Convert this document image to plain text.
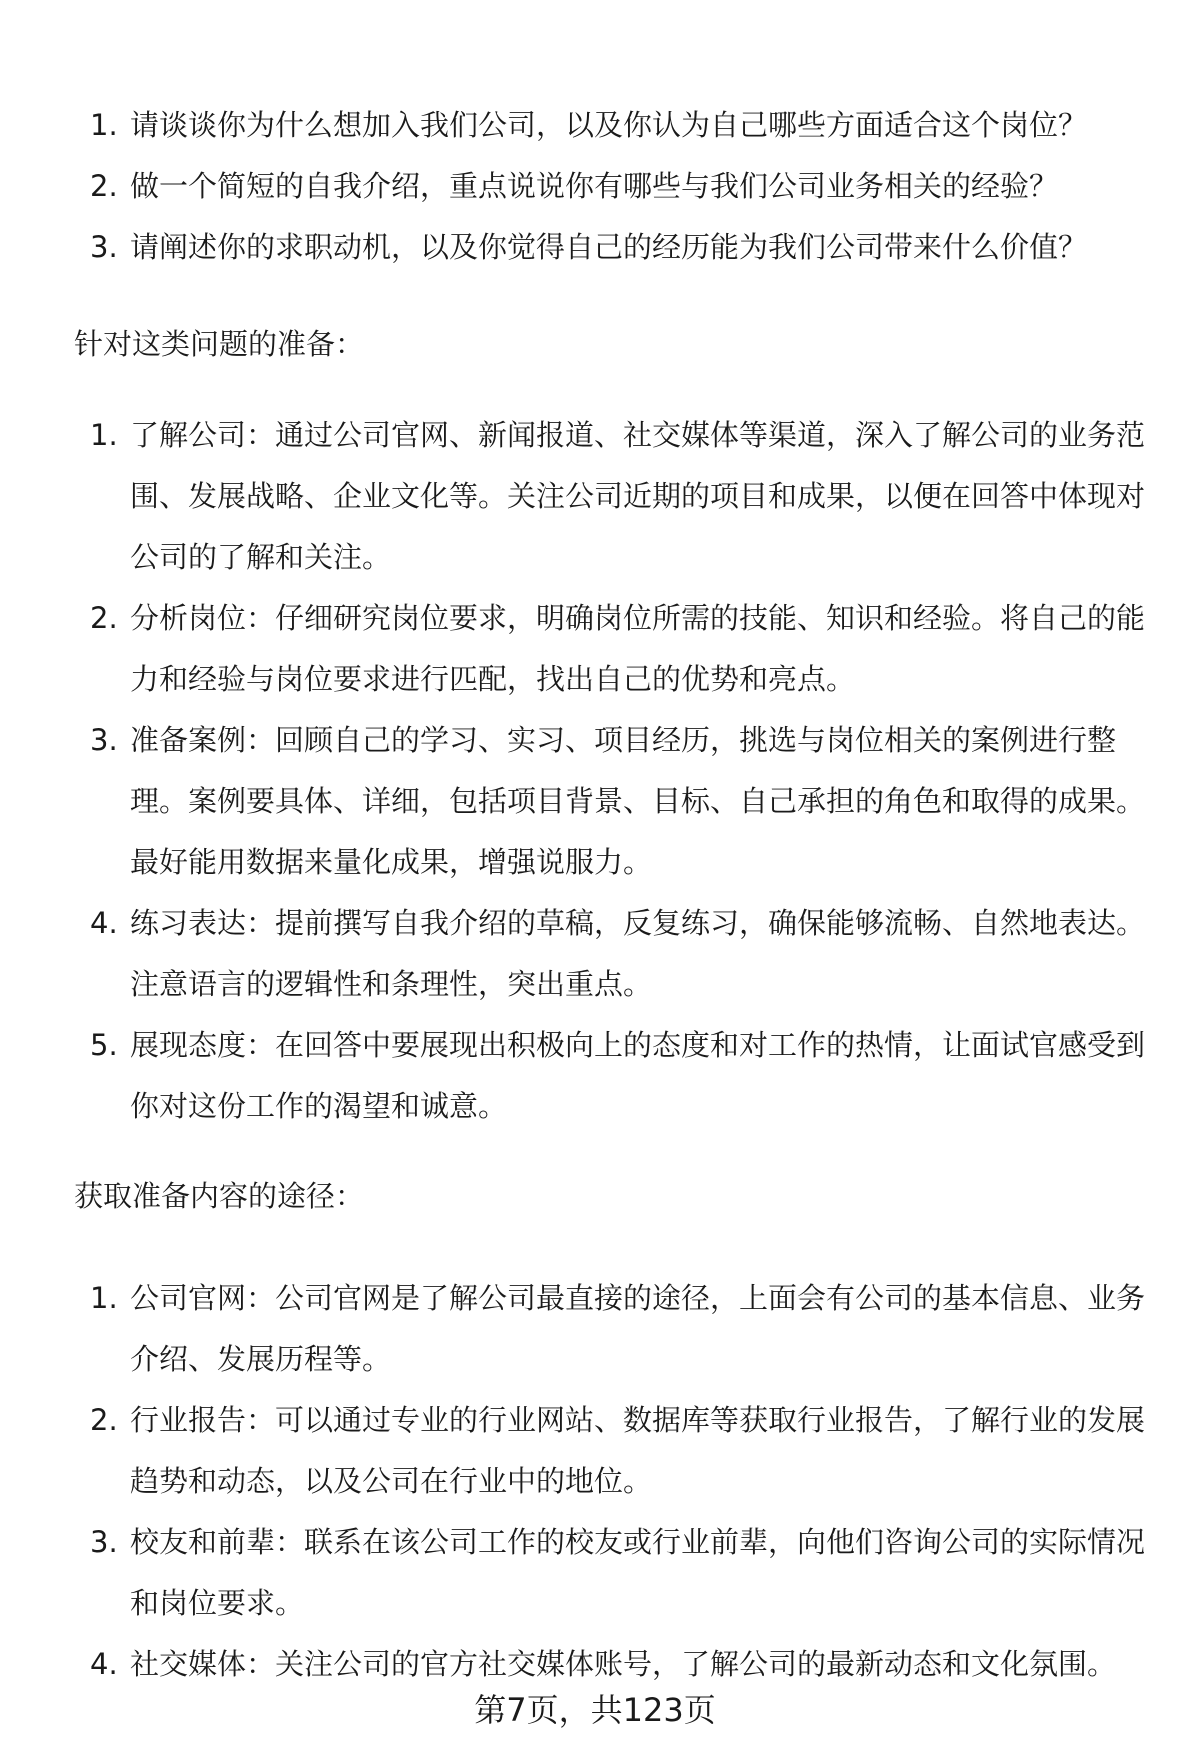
1. 请谈谈你为什么想加入我们公司，以及你认为自己哪些方面适合这个岗位？
2. 做一个简短的自我介绍，重点说说你有哪些与我们公司业务相关的经验？
3. 请阐述你的求职动机，以及你觉得自己的经历能为我们公司带来什么价值？

针对这类问题的准备：

1. 了解公司：通过公司官网、新闻报道、社交媒体等渠道，深入了解公司的业务范围、发展战略、企业文化等。关注公司近期的项目和成果，以便在回答中体现对公司的了解和关注。
2. 分析岗位：仔细研究岗位要求，明确岗位所需的技能、知识和经验。将自己的能力和经验与岗位要求进行匹配，找出自己的优势和亮点。
3. 准备案例：回顾自己的学习、实习、项目经历，挑选与岗位相关的案例进行整理。案例要具体、详细，包括项目背景、目标、自己承担的角色和取得的成果。最好能用数据来量化成果，增强说服力。
4. 练习表达：提前撰写自我介绍的草稿，反复练习，确保能够流畅、自然地表达。注意语言的逻辑性和条理性，突出重点。
5. 展现态度：在回答中要展现出积极向上的态度和对工作的热情，让面试官感受到你对这份工作的渴望和诚意。

获取准备内容的途径：

1. 公司官网：公司官网是了解公司最直接的途径，上面会有公司的基本信息、业务介绍、发展历程等。
2. 行业报告：可以通过专业的行业网站、数据库等获取行业报告，了解行业的发展趋势和动态，以及公司在行业中的地位。
3. 校友和前辈：联系在该公司工作的校友或行业前辈，向他们咨询公司的实际情况和岗位要求。
4. 社交媒体：关注公司的官方社交媒体账号，了解公司的最新动态和文化氛围。
第7页，共123页
